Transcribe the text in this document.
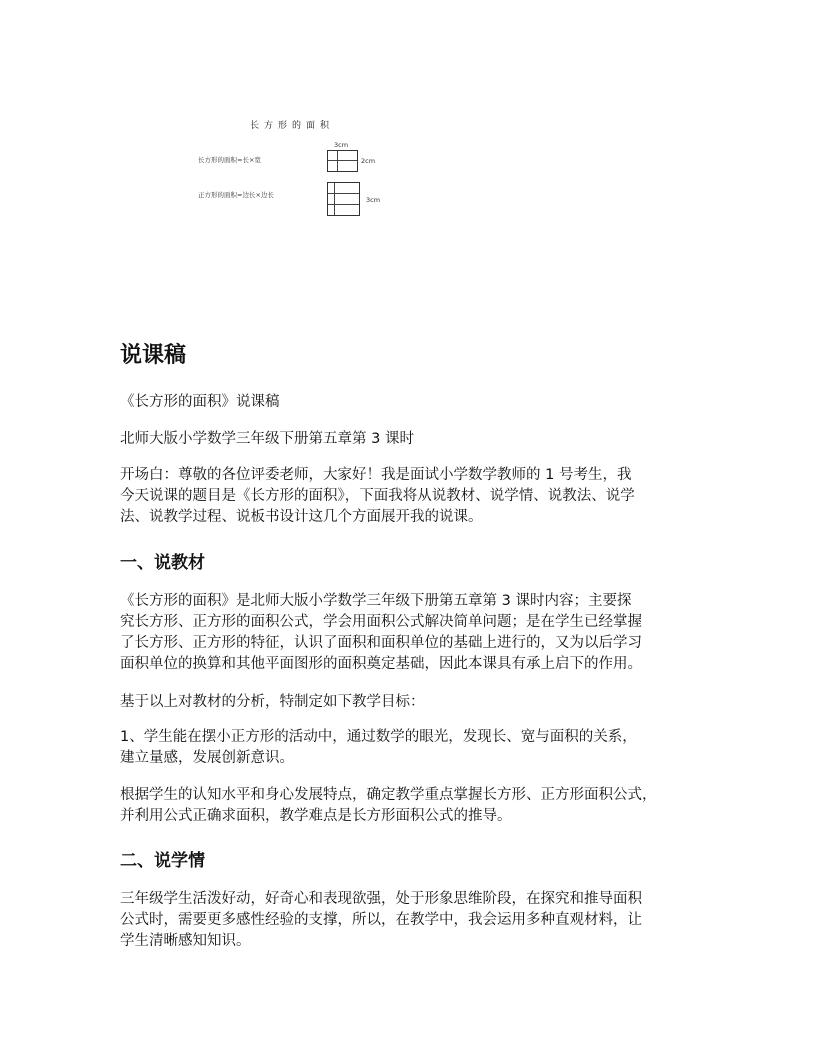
长方形的面积
3cm
长方形的面积=长×宽	2cm
正方形的面积=边长×边长
3cm
说课稿
《长方形的面积》说课稿
北师大版小学数学三年级下册第五章第 3 课时
开场白：尊敬的各位评委老师，大家好！我是面试小学数学教师的 1 号考生，我
今天说课的题目是《长方形的面积》，下面我将从说教材、说学情、说教法、说学
法、说教学过程、说板书设计这几个方面展开我的说课。
一、说教材
《长方形的面积》是北师大版小学数学三年级下册第五章第 3 课时内容；主要探
究长方形、正方形的面积公式，学会用面积公式解决简单问题；是在学生已经掌握
了长方形、正方形的特征，认识了面积和面积单位的基础上进行的，又为以后学习
面积单位的换算和其他平面图形的面积奠定基础，因此本课具有承上启下的作用。
基于以上对教材的分析，特制定如下教学目标：
1、学生能在摆小正方形的活动中，通过数学的眼光，发现长、宽与面积的关系，
建立量感，发展创新意识。
根据学生的认知水平和身心发展特点，确定教学重点掌握长方形、正方形面积公式，
并利用公式正确求面积，教学难点是长方形面积公式的推导。
二、说学情
三年级学生活泼好动，好奇心和表现欲强，处于形象思维阶段，在探究和推导面积
公式时，需要更多感性经验的支撑，所以，在教学中，我会运用多种直观材料，让
学生清晰感知知识。
